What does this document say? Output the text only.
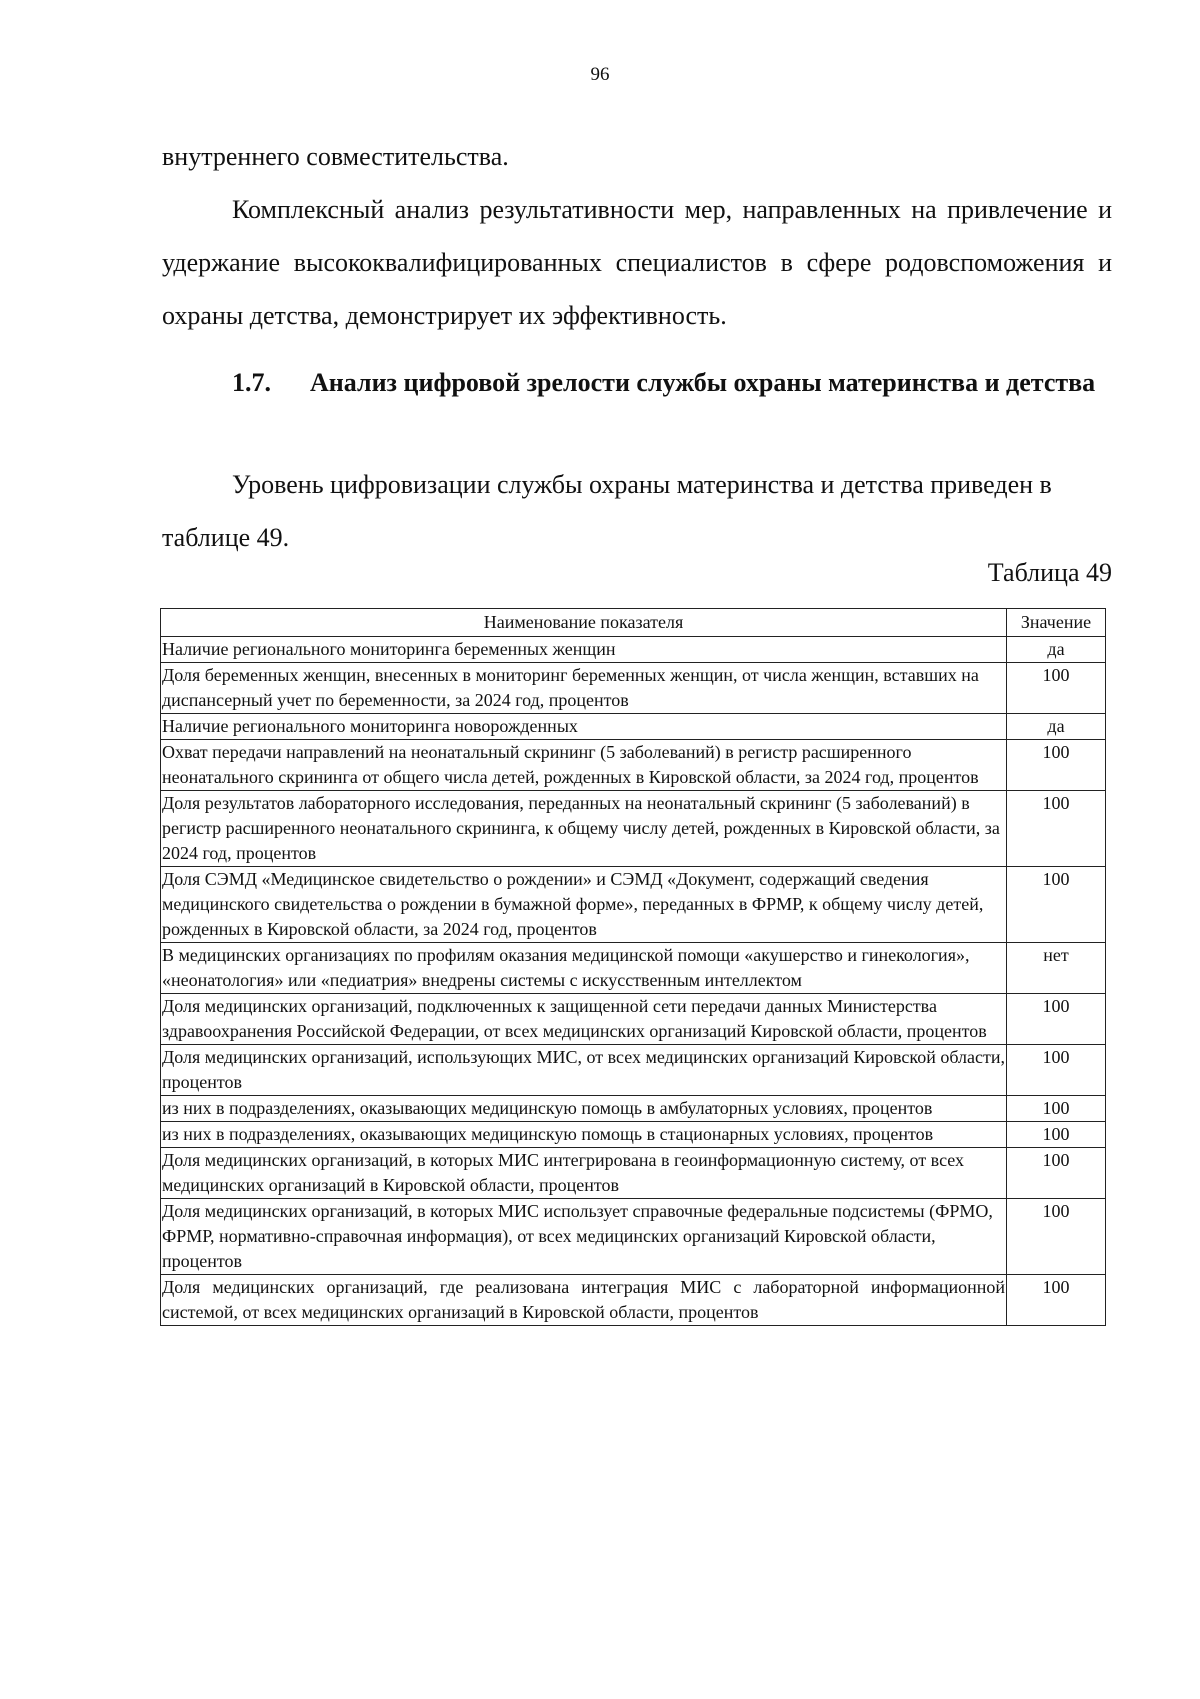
96

внутреннего совместительства.

Комплексный анализ результативности мер, направленных на привлечение и удержание высококвалифицированных специалистов в сфере родовспоможения и охраны детства, демонстрирует их эффективность.

1.7.	Анализ цифровой зрелости службы охраны материнства и детства

Уровень цифровизации службы охраны материнства и детства приведен в таблице 49.

Таблица 49
Наименование показателя	Значение
Наличие регионального мониторинга беременных женщин	да
Доля беременных женщин, внесенных в мониторинг беременных женщин, от числа женщин, вставших на диспансерный учет по беременности, за 2024 год, процентов	100
Наличие регионального мониторинга новорожденных	да
Охват передачи направлений на неонатальный скрининг (5 заболеваний) в регистр расширенного неонатального скрининга от общего числа детей, рожденных в Кировской области, за 2024 год, процентов	100
Доля результатов лабораторного исследования, переданных на неонатальный скрининг (5 заболеваний) в регистр расширенного неонатального скрининга, к общему числу детей, рожденных в Кировской области, за 2024 год, процентов	100
Доля СЭМД «Медицинское свидетельство о рождении» и СЭМД «Документ, содержащий сведения медицинского свидетельства о рождении в бумажной форме», переданных в ФРМР, к общему числу детей, рожденных в Кировской области, за 2024 год, процентов	100
В медицинских организациях по профилям оказания медицинской помощи «акушерство и гинекология», «неонатология» или «педиатрия» внедрены системы с искусственным интеллектом	нет
Доля медицинских организаций, подключенных к защищенной сети передачи данных Министерства здравоохранения Российской Федерации, от всех медицинских организаций Кировской области, процентов	100
Доля медицинских организаций, использующих МИС, от всех медицинских организаций Кировской области, процентов	100
из них в подразделениях, оказывающих медицинскую помощь в амбулаторных условиях, процентов	100
из них в подразделениях, оказывающих медицинскую помощь в стационарных условиях, процентов	100
Доля медицинских организаций, в которых МИС интегрирована в геоинформационную систему, от всех медицинских организаций в Кировской области, процентов	100
Доля медицинских организаций, в которых МИС использует справочные федеральные подсистемы (ФРМО, ФРМР, нормативно-справочная информация), от всех медицинских организаций Кировской области, процентов	100
Доля медицинских организаций, где реализована интеграция МИС с лабораторной информационной системой, от всех медицинских организаций в Кировской области, процентов	100
